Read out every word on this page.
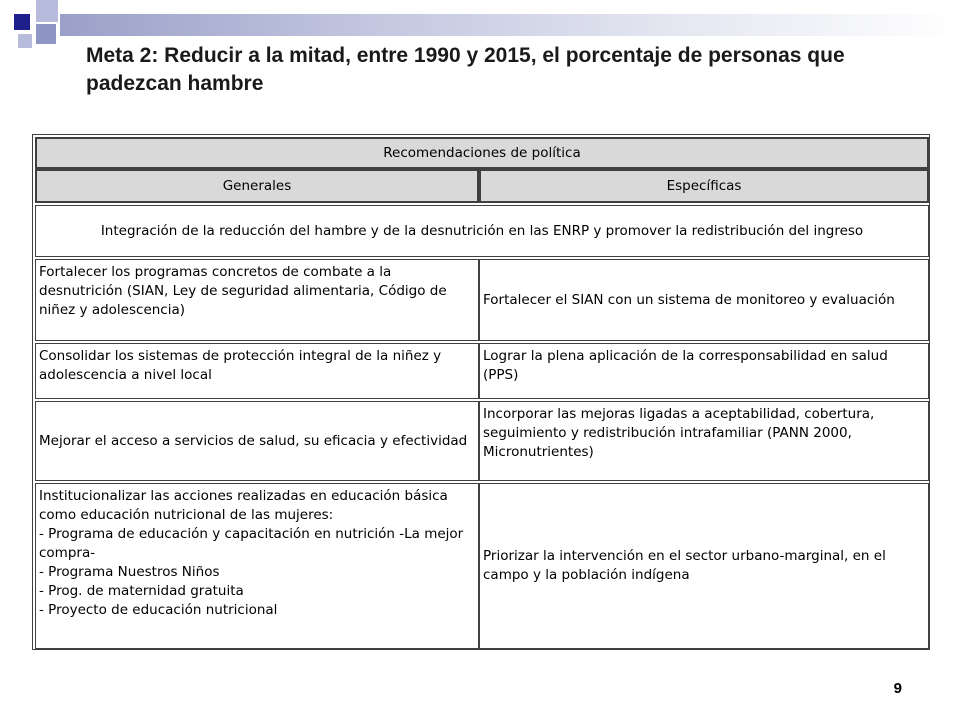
Meta 2: Reducir a la mitad, entre 1990 y 2015, el porcentaje de personas que padezcan hambre
Recomendaciones de política
Generales	Específicas
Integración de la reducción del hambre y de la desnutrición en las ENRP y promover la redistribución del ingreso
Fortalecer los programas concretos de combate a la desnutrición (SIAN, Ley de seguridad alimentaria, Código de niñez y adolescencia)
Fortalecer el SIAN con un sistema de monitoreo y evaluación
Consolidar los sistemas de protección integral de la niñez y adolescencia a nivel local
Lograr la plena aplicación de la corresponsabilidad en salud (PPS)
Mejorar el acceso a servicios de salud, su eficacia y efectividad
Incorporar las mejoras ligadas a aceptabilidad, cobertura, seguimiento y redistribución intrafamiliar (PANN 2000, Micronutrientes)
Institucionalizar las acciones realizadas en educación básica como educación nutricional de las mujeres:
- Programa de educación y capacitación en nutrición -La mejor compra-
- Programa Nuestros Niños
- Prog. de maternidad gratuita
- Proyecto de educación nutricional
Priorizar la intervención en el sector urbano-marginal, en el campo y la población indígena
9
